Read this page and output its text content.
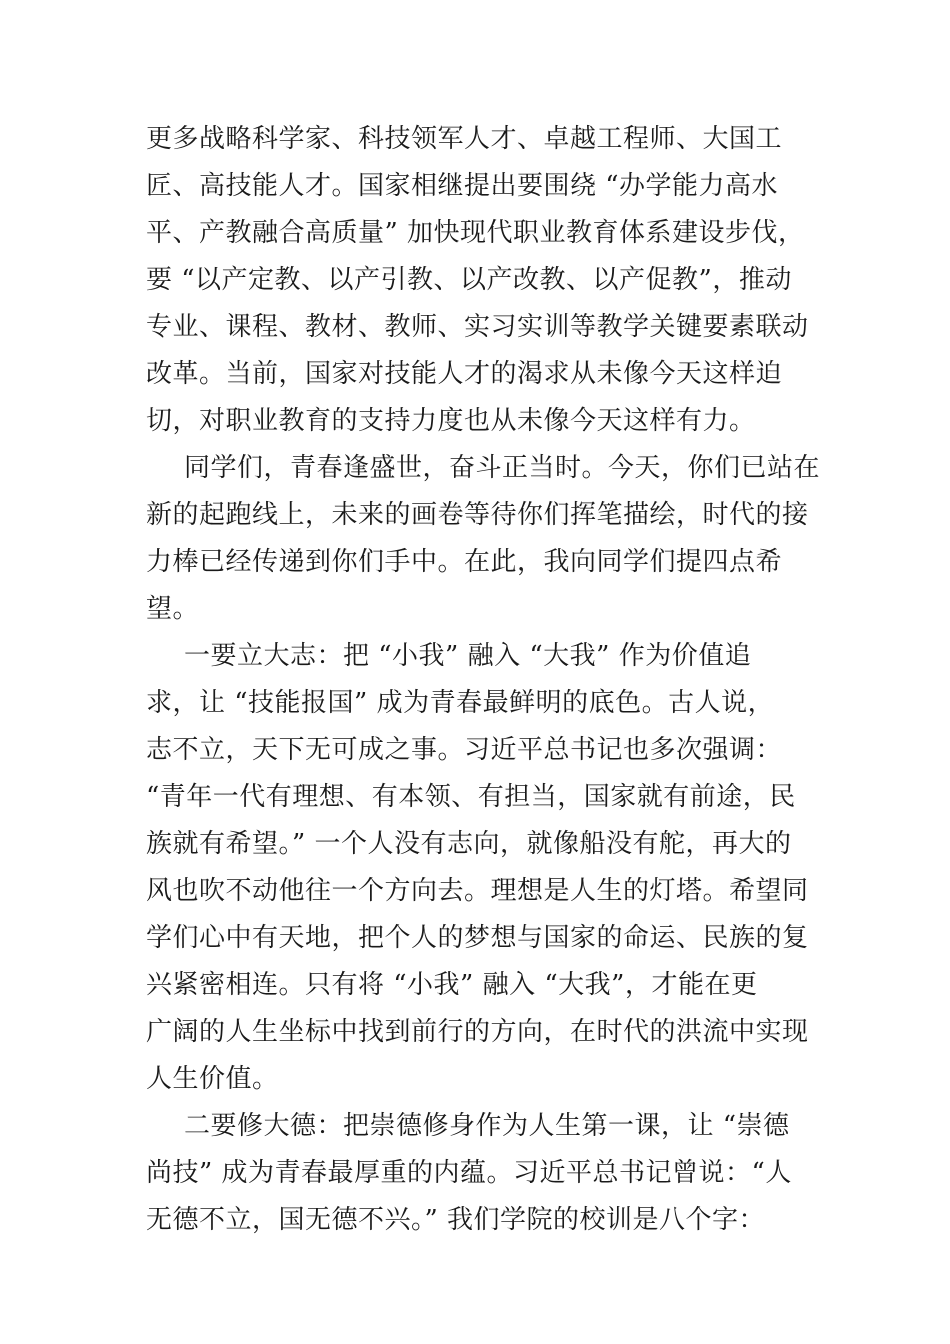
更多战略科学家、科技领军人才、卓越工程师、大国工
匠、高技能人才。国家相继提出要围绕 “办学能力高水
平、产教融合高质量” 加快现代职业教育体系建设步伐，
要 “以产定教、以产引教、以产改教、以产促教”，推动
专业、课程、教材、教师、实习实训等教学关键要素联动
改革。当前，国家对技能人才的渴求从未像今天这样迫
切，对职业教育的支持力度也从未像今天这样有力。

同学们，青春逢盛世，奋斗正当时。今天，你们已站在
新的起跑线上，未来的画卷等待你们挥笔描绘，时代的接
力棒已经传递到你们手中。在此，我向同学们提四点希
望。

一要立大志：把 “小我” 融入 “大我” 作为价值追
求，让 “技能报国” 成为青春最鲜明的底色。古人说，
志不立，天下无可成之事。习近平总书记也多次强调：
“青年一代有理想、有本领、有担当，国家就有前途，民
族就有希望。” 一个人没有志向，就像船没有舵，再大的
风也吹不动他往一个方向去。理想是人生的灯塔。希望同
学们心中有天地，把个人的梦想与国家的命运、民族的复
兴紧密相连。只有将 “小我” 融入 “大我”，才能在更
广阔的人生坐标中找到前行的方向，在时代的洪流中实现
人生价值。

二要修大德：把崇德修身作为人生第一课，让 “崇德
尚技” 成为青春最厚重的内蕴。习近平总书记曾说：“人
无德不立，国无德不兴。” 我们学院的校训是八个字：
